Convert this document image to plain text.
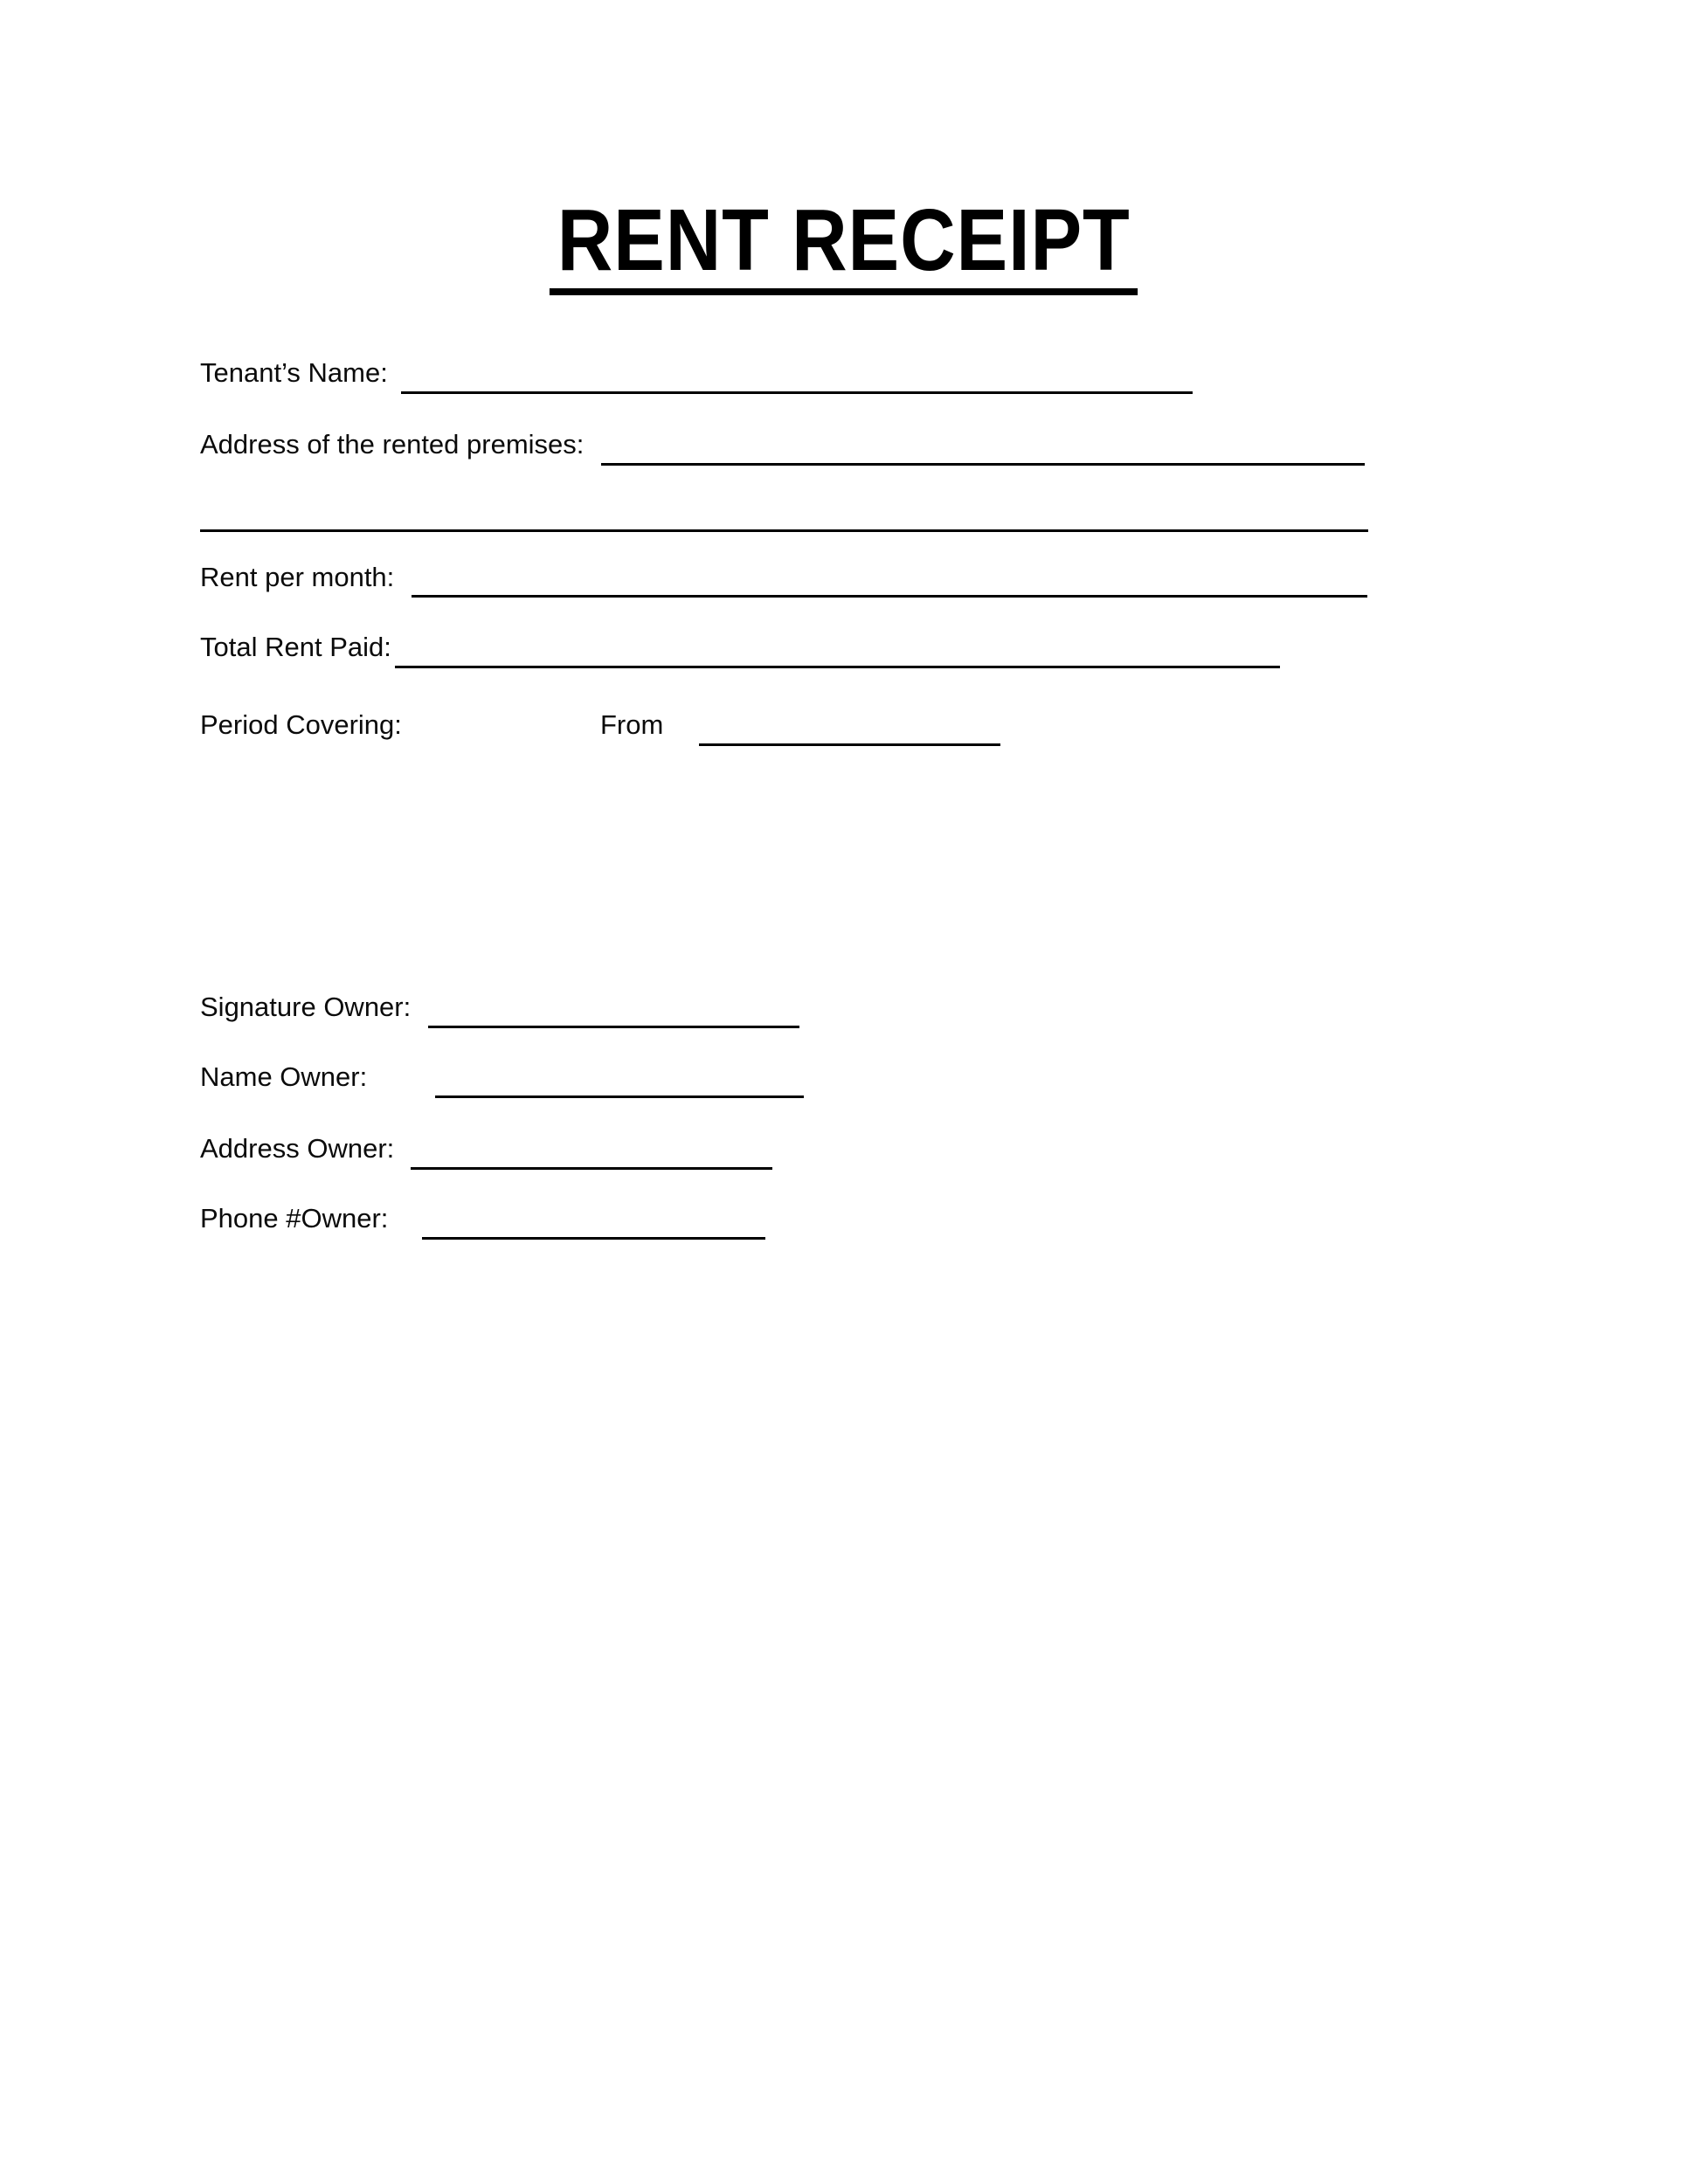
RENT RECEIPT
Tenant’s Name:
Address of the rented premises:
Rent per month:
Total Rent Paid:
Period Covering:	From
Signature Owner:
Name Owner:
Address Owner:
Phone #Owner:
